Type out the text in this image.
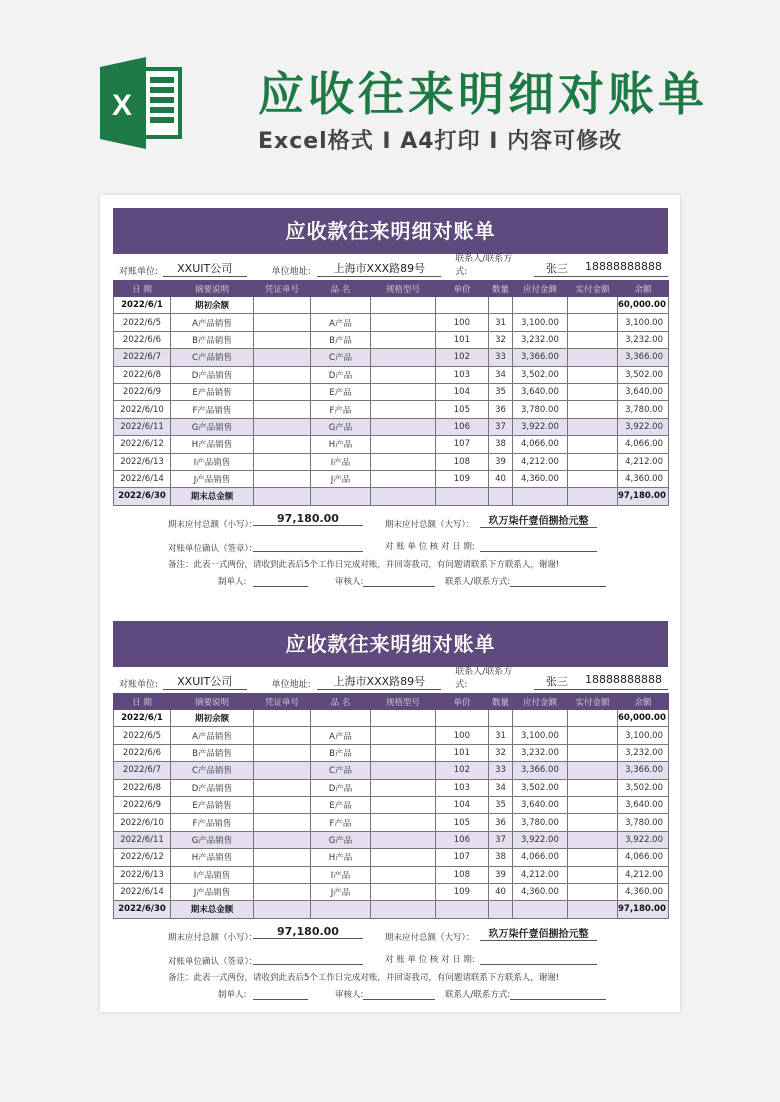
X	应收往来明细对账单
Excel格式 I A4打印 I 内容可修改
应收款往来明细对账单
对账单位:	XXUIT公司	单位地址:	上海市XXX路89号
联系人/联系方式:	张三 18888888888
日 期	摘要说明	凭证单号	品 名	规格型号	单价	数量	应付金额	实付金额	余额
2022/6/1	期初余额								60,000.00
2022/6/5	A产品销售		A产品		100	31	3,100.00		3,100.00
2022/6/6	B产品销售		B产品		101	32	3,232.00		3,232.00
2022/6/7	C产品销售		C产品		102	33	3,366.00		3,366.00
2022/6/8	D产品销售		D产品		103	34	3,502.00		3,502.00
2022/6/9	E产品销售		E产品		104	35	3,640.00		3,640.00
2022/6/10	F产品销售		F产品		105	36	3,780.00		3,780.00
2022/6/11	G产品销售		G产品		106	37	3,922.00		3,922.00
2022/6/12	H产品销售		H产品		107	38	4,066.00		4,066.00
2022/6/13	I产品销售		I产品		108	39	4,212.00		4,212.00
2022/6/14	J产品销售		J产品		109	40	4,360.00		4,360.00
2022/6/30	期末总金额								97,180.00
期末应付总额（小写）：	97,180.00	期末应付总额（大写）：	玖万柒仟壹佰捌拾元整
对账单位确认（签章）：	对 账 单 位 核 对 日 期:
备注：此表一式两份，请收到此表后5个工作日完成对账，并回寄我司，有问题请联系下方联系人，谢谢!
制单人:	审核人:	联系人/联系方式:
应收款往来明细对账单
对账单位:	XXUIT公司	单位地址:	上海市XXX路89号
联系人/联系方式:	张三 18888888888
日 期	摘要说明	凭证单号	品 名	规格型号	单价	数量	应付金额	实付金额	余额
2022/6/1	期初余额								60,000.00
2022/6/5	A产品销售		A产品		100	31	3,100.00		3,100.00
2022/6/6	B产品销售		B产品		101	32	3,232.00		3,232.00
2022/6/7	C产品销售		C产品		102	33	3,366.00		3,366.00
2022/6/8	D产品销售		D产品		103	34	3,502.00		3,502.00
2022/6/9	E产品销售		E产品		104	35	3,640.00		3,640.00
2022/6/10	F产品销售		F产品		105	36	3,780.00		3,780.00
2022/6/11	G产品销售		G产品		106	37	3,922.00		3,922.00
2022/6/12	H产品销售		H产品		107	38	4,066.00		4,066.00
2022/6/13	I产品销售		I产品		108	39	4,212.00		4,212.00
2022/6/14	J产品销售		J产品		109	40	4,360.00		4,360.00
2022/6/30	期末总金额								97,180.00
期末应付总额（小写）：	97,180.00	期末应付总额（大写）：	玖万柒仟壹佰捌拾元整
对账单位确认（签章）：	对 账 单 位 核 对 日 期:
备注：此表一式两份，请收到此表后5个工作日完成对账，并回寄我司，有问题请联系下方联系人，谢谢!
制单人:	审核人:	联系人/联系方式:
